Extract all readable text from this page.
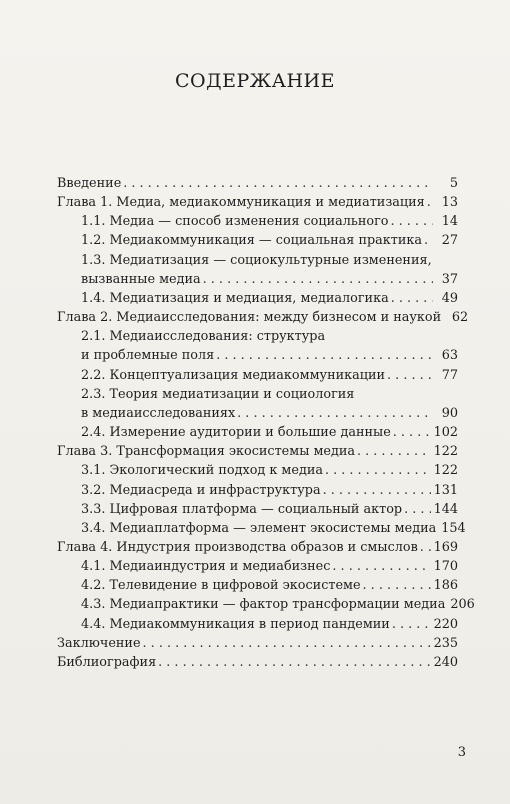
СОДЕРЖАНИЕ
Введение . . .	5
Глава 1. Медиа, медиакоммуникация и медиатизация . . .	13
1.1. Медиа — способ изменения социального . . .	14
1.2. Медиакоммуникация — социальная практика . . .	27
1.3. Медиатизация — социокультурные изменения,
вызванные медиа . . .	37
1.4. Медиатизация и медиация, медиалогика . . .	49
Глава 2. Медиаисследования: между бизнесом и наукой 62
2.1. Медиаисследования: структура
и проблемные поля . . .	63
2.2. Концептуализация медиакоммуникации . . .	77
2.3. Теория медиатизации и социология
в медиаисследованиях . . .	90
2.4. Измерение аудитории и большие данные . . .	102
Глава 3. Трансформация экосистемы медиа . . .	122
3.1. Экологический подход к медиа . . .	122
3.2. Медиасреда и инфраструктура . . .	131
3.3. Цифровая платформа — социальный актор . . . 144
3.4. Медиаплатформа — элемент экосистемы медиа 154
Глава 4. Индустрия производства образов и смыслов . . . 169
4.1. Медиаиндустрия и медиабизнес . . .	170
4.2. Телевидение в цифровой экосистеме . . .	186
4.3. Медиапрактики — фактор трансформации медиа 206
4.4. Медиакоммуникация в период пандемии . . .	220
Заключение . . .	235
Библиография . . .	240
3
